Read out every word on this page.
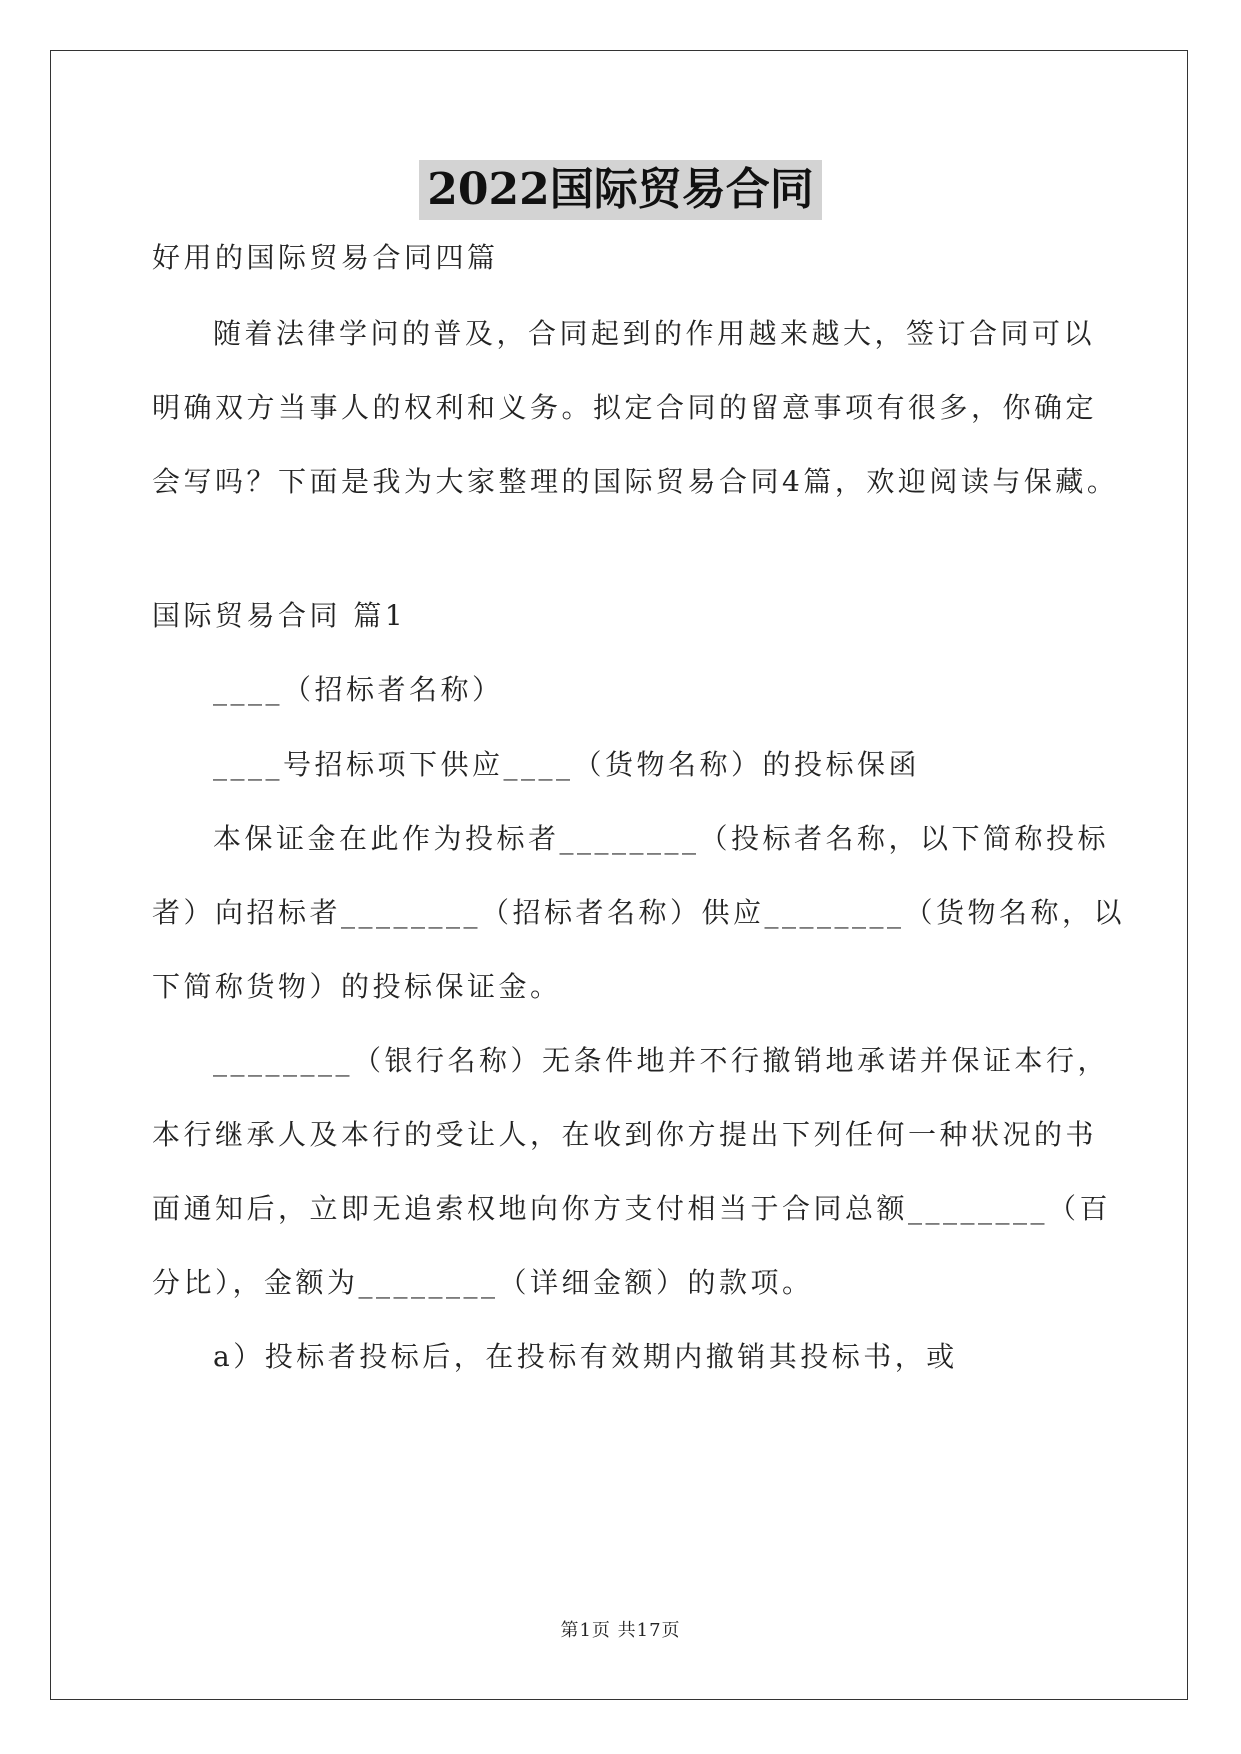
2022国际贸易合同
好用的国际贸易合同四篇
随着法律学问的普及，合同起到的作用越来越大，签订合同可以
明确双方当事人的权利和义务。拟定合同的留意事项有很多，你确定
会写吗？下面是我为大家整理的国际贸易合同4篇，欢迎阅读与保藏。
国际贸易合同 篇1
____（招标者名称）
____号招标项下供应____（货物名称）的投标保函
本保证金在此作为投标者________（投标者名称，以下简称投标
者）向招标者________（招标者名称）供应________（货物名称，以
下简称货物）的投标保证金。
________（银行名称）无条件地并不行撤销地承诺并保证本行，
本行继承人及本行的受让人，在收到你方提出下列任何一种状况的书
面通知后，立即无追索权地向你方支付相当于合同总额________（百
分比），金额为________（详细金额）的款项。
a）投标者投标后，在投标有效期内撤销其投标书，或
第1页 共17页
